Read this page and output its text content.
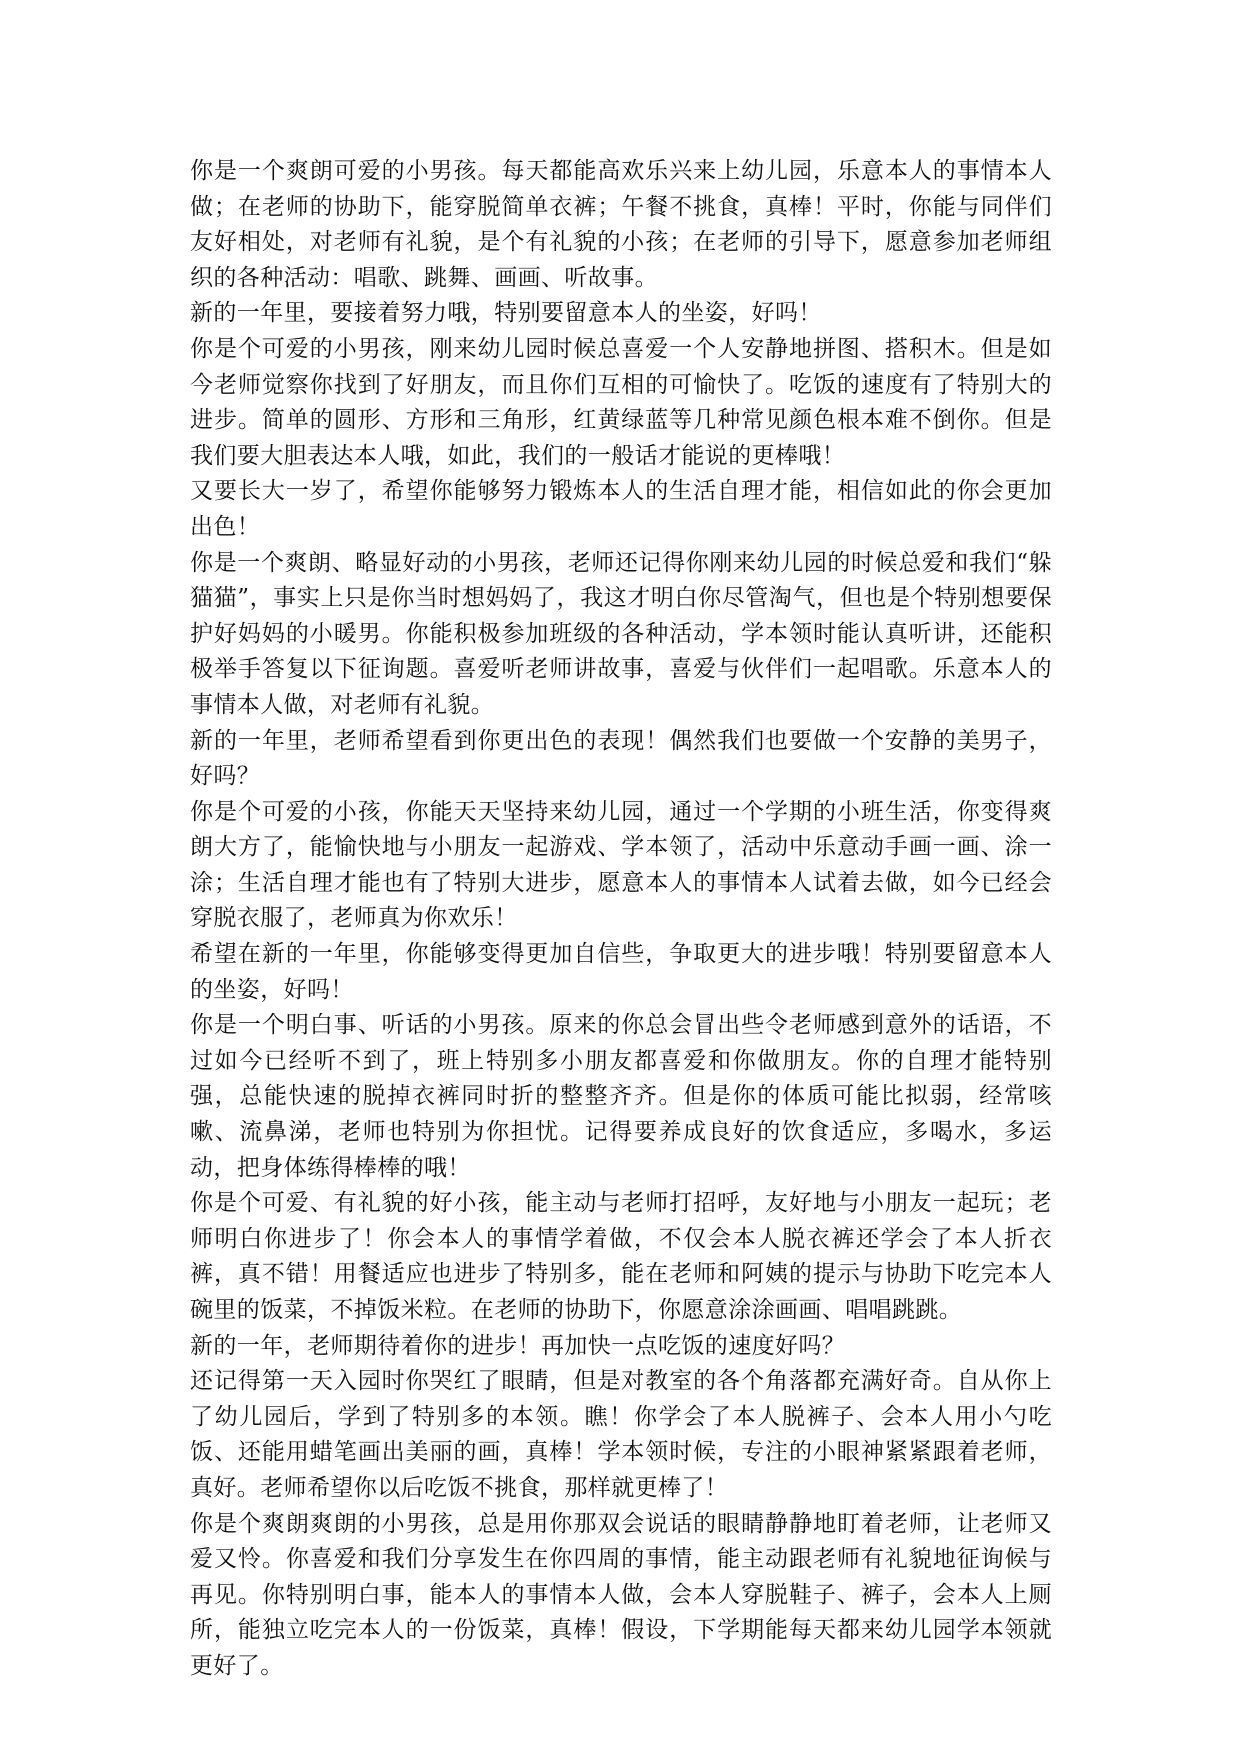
你是一个爽朗可爱的小男孩。每天都能高欢乐兴来上幼儿园，乐意本人的事情本人做；在老师的协助下，能穿脱简单衣裤；午餐不挑食，真棒！平时，你能与同伴们友好相处，对老师有礼貌，是个有礼貌的小孩；在老师的引导下，愿意参加老师组织的各种活动：唱歌、跳舞、画画、听故事。

新的一年里，要接着努力哦，特别要留意本人的坐姿，好吗！

你是个可爱的小男孩，刚来幼儿园时候总喜爱一个人安静地拼图、搭积木。但是如今老师觉察你找到了好朋友，而且你们互相的可愉快了。吃饭的速度有了特别大的进步。简单的圆形、方形和三角形，红黄绿蓝等几种常见颜色根本难不倒你。但是我们要大胆表达本人哦，如此，我们的一般话才能说的更棒哦！

又要长大一岁了，希望你能够努力锻炼本人的生活自理才能，相信如此的你会更加出色！

你是一个爽朗、略显好动的小男孩，老师还记得你刚来幼儿园的时候总爱和我们“躲猫猫”，事实上只是你当时想妈妈了，我这才明白你尽管淘气，但也是个特别想要保护好妈妈的小暖男。你能积极参加班级的各种活动，学本领时能认真听讲，还能积极举手答复以下征询题。喜爱听老师讲故事，喜爱与伙伴们一起唱歌。乐意本人的事情本人做，对老师有礼貌。

新的一年里，老师希望看到你更出色的表现！偶然我们也要做一个安静的美男子，好吗？

你是个可爱的小孩，你能天天坚持来幼儿园，通过一个学期的小班生活，你变得爽朗大方了，能愉快地与小朋友一起游戏、学本领了，活动中乐意动手画一画、涂一涂；生活自理才能也有了特别大进步，愿意本人的事情本人试着去做，如今已经会穿脱衣服了，老师真为你欢乐！

希望在新的一年里，你能够变得更加自信些，争取更大的进步哦！特别要留意本人的坐姿，好吗！

你是一个明白事、听话的小男孩。原来的你总会冒出些令老师感到意外的话语，不过如今已经听不到了，班上特别多小朋友都喜爱和你做朋友。你的自理才能特别强，总能快速的脱掉衣裤同时折的整整齐齐。但是你的体质可能比拟弱，经常咳嗽、流鼻涕，老师也特别为你担忧。记得要养成良好的饮食适应，多喝水，多运动，把身体练得棒棒的哦！

你是个可爱、有礼貌的好小孩，能主动与老师打招呼，友好地与小朋友一起玩；老师明白你进步了！你会本人的事情学着做，不仅会本人脱衣裤还学会了本人折衣裤，真不错！用餐适应也进步了特别多，能在老师和阿姨的提示与协助下吃完本人碗里的饭菜，不掉饭米粒。在老师的协助下，你愿意涂涂画画、唱唱跳跳。

新的一年，老师期待着你的进步！再加快一点吃饭的速度好吗？

还记得第一天入园时你哭红了眼睛，但是对教室的各个角落都充满好奇。自从你上了幼儿园后，学到了特别多的本领。瞧！你学会了本人脱裤子、会本人用小勺吃饭、还能用蜡笔画出美丽的画，真棒！学本领时候，专注的小眼神紧紧跟着老师，真好。老师希望你以后吃饭不挑食，那样就更棒了！

你是个爽朗爽朗的小男孩，总是用你那双会说话的眼睛静静地盯着老师，让老师又爱又怜。你喜爱和我们分享发生在你四周的事情，能主动跟老师有礼貌地征询候与再见。你特别明白事，能本人的事情本人做，会本人穿脱鞋子、裤子，会本人上厕所，能独立吃完本人的一份饭菜，真棒！假设，下学期能每天都来幼儿园学本领就更好了。
